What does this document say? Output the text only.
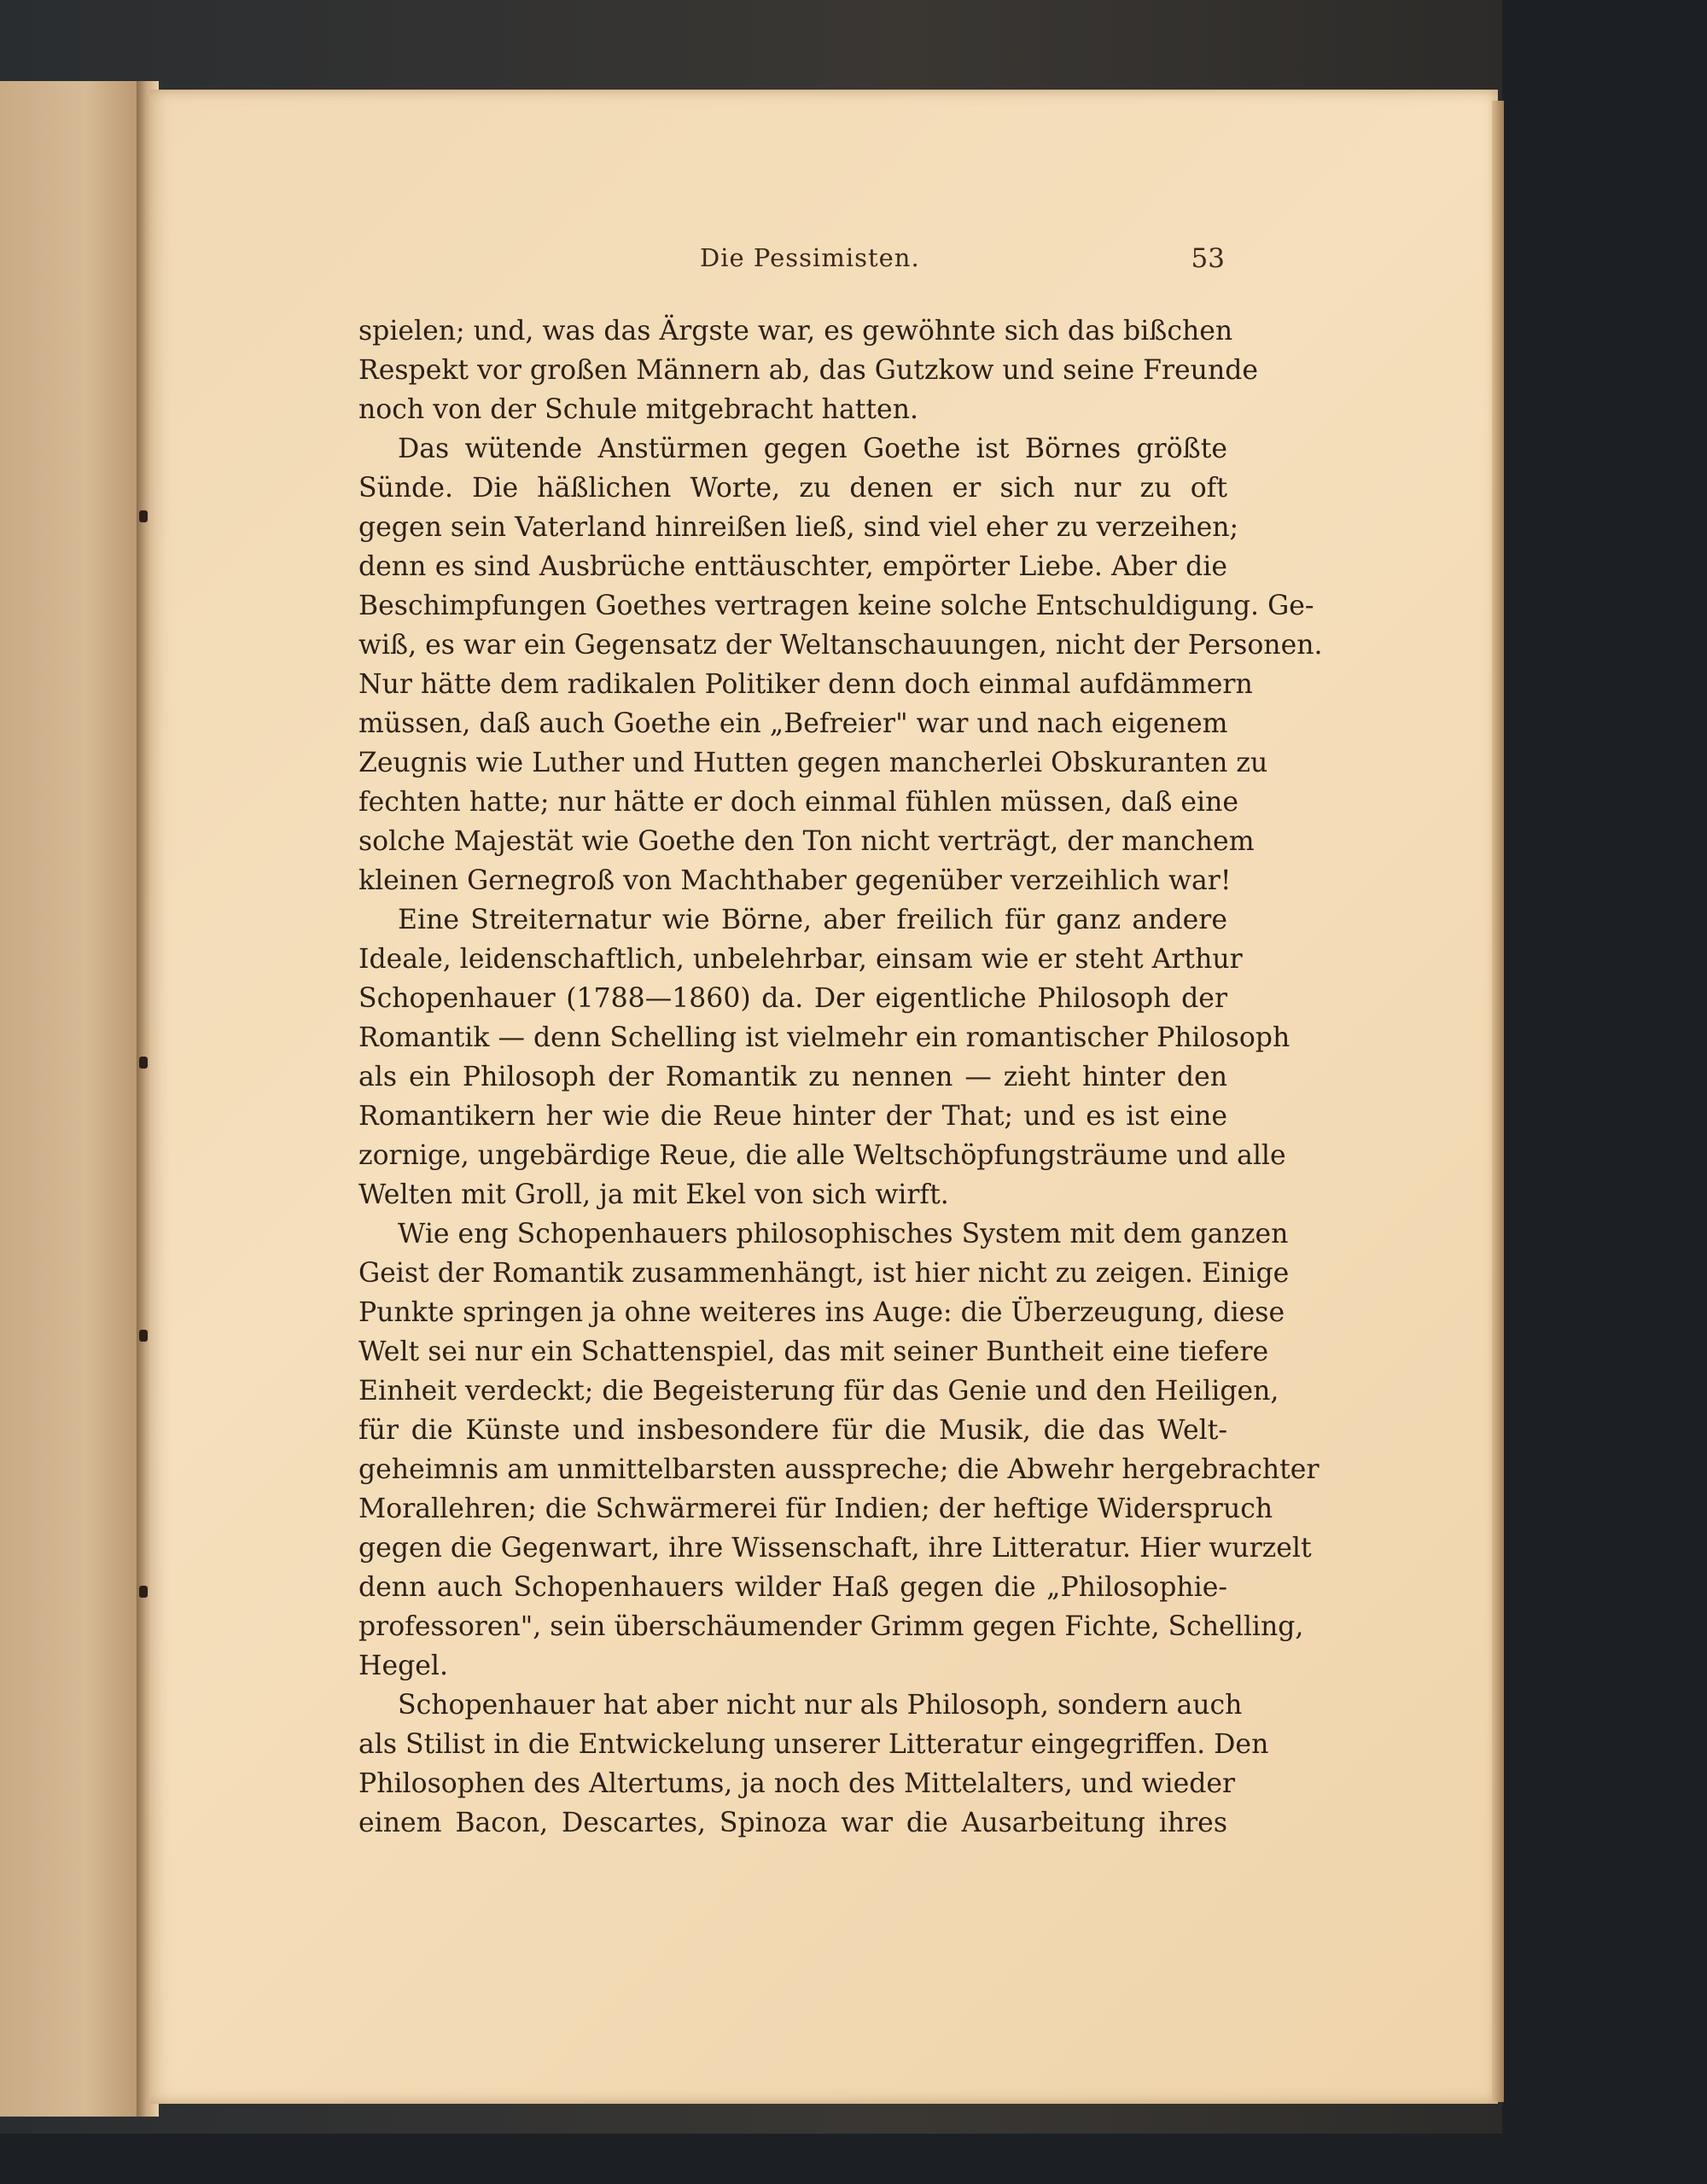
Die Pessimisten.	53
spielen; und, was das Ärgste war, es gewöhnte sich das bißchen
Respekt vor großen Männern ab, das Gutzkow und seine Freunde
noch von der Schule mitgebracht hatten.
Das wütende Anstürmen gegen Goethe ist Börnes größte
Sünde. Die häßlichen Worte, zu denen er sich nur zu oft
gegen sein Vaterland hinreißen ließ, sind viel eher zu verzeihen;
denn es sind Ausbrüche enttäuschter, empörter Liebe. Aber die
Beschimpfungen Goethes vertragen keine solche Entschuldigung. Ge-
wiß, es war ein Gegensatz der Weltanschauungen, nicht der Personen.
Nur hätte dem radikalen Politiker denn doch einmal aufdämmern
müssen, daß auch Goethe ein „Befreier" war und nach eigenem
Zeugnis wie Luther und Hutten gegen mancherlei Obskuranten zu
fechten hatte; nur hätte er doch einmal fühlen müssen, daß eine
solche Majestät wie Goethe den Ton nicht verträgt, der manchem
kleinen Gernegroß von Machthaber gegenüber verzeihlich war!
Eine Streiternatur wie Börne, aber freilich für ganz andere
Ideale, leidenschaftlich, unbelehrbar, einsam wie er steht Arthur
Schopenhauer (1788—1860) da. Der eigentliche Philosoph der
Romantik — denn Schelling ist vielmehr ein romantischer Philosoph
als ein Philosoph der Romantik zu nennen — zieht hinter den
Romantikern her wie die Reue hinter der That; und es ist eine
zornige, ungebärdige Reue, die alle Weltschöpfungsträume und alle
Welten mit Groll, ja mit Ekel von sich wirft.
Wie eng Schopenhauers philosophisches System mit dem ganzen
Geist der Romantik zusammenhängt, ist hier nicht zu zeigen. Einige
Punkte springen ja ohne weiteres ins Auge: die Überzeugung, diese
Welt sei nur ein Schattenspiel, das mit seiner Buntheit eine tiefere
Einheit verdeckt; die Begeisterung für das Genie und den Heiligen,
für die Künste und insbesondere für die Musik, die das Welt-
geheimnis am unmittelbarsten ausspreche; die Abwehr hergebrachter
Morallehren; die Schwärmerei für Indien; der heftige Widerspruch
gegen die Gegenwart, ihre Wissenschaft, ihre Litteratur. Hier wurzelt
denn auch Schopenhauers wilder Haß gegen die „Philosophie-
professoren", sein überschäumender Grimm gegen Fichte, Schelling,
Hegel.
Schopenhauer hat aber nicht nur als Philosoph, sondern auch
als Stilist in die Entwickelung unserer Litteratur eingegriffen. Den
Philosophen des Altertums, ja noch des Mittelalters, und wieder
einem Bacon, Descartes, Spinoza war die Ausarbeitung ihres
